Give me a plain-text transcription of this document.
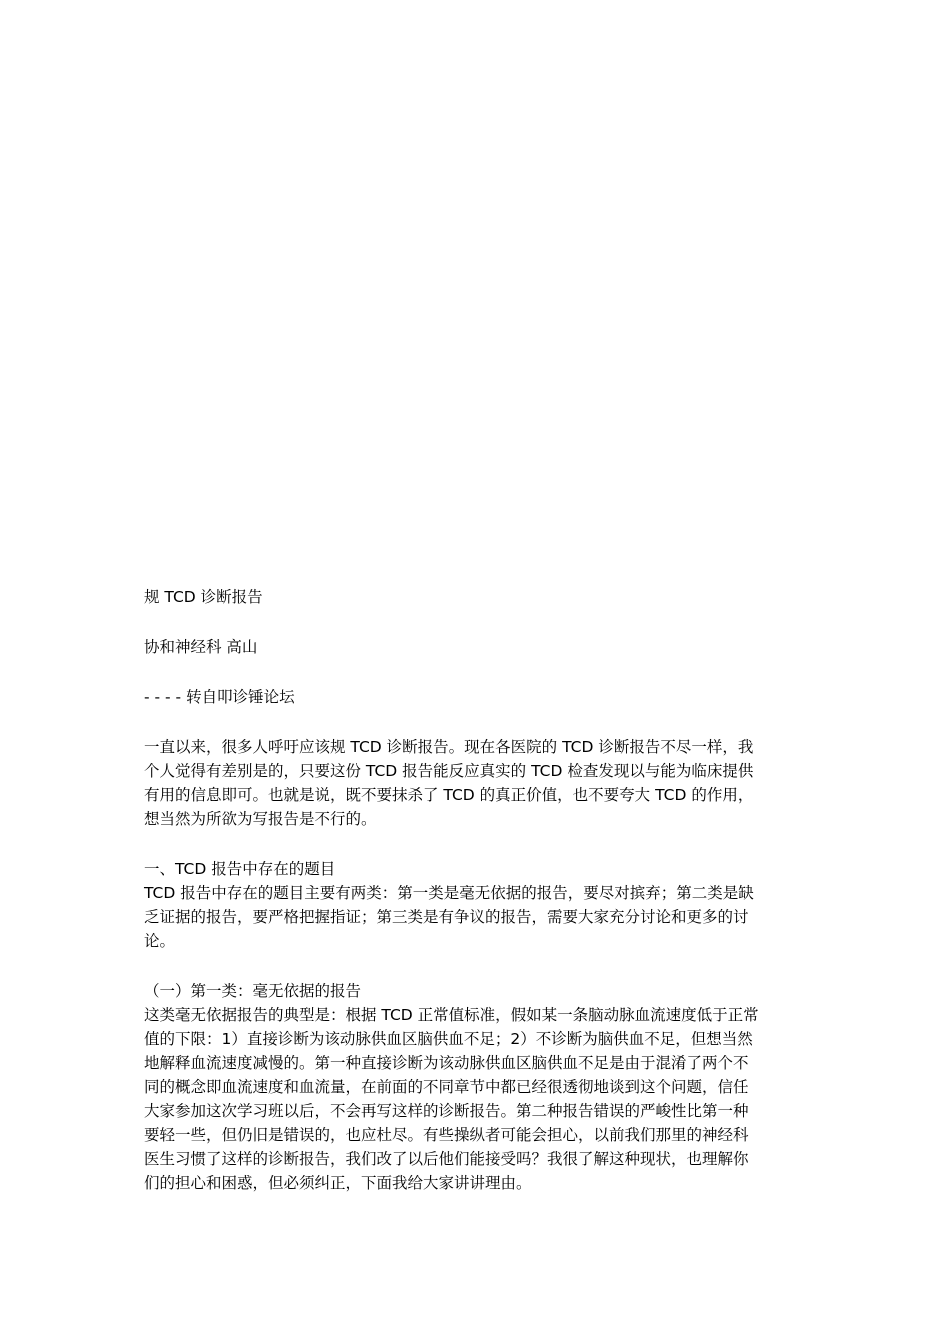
规 TCD 诊断报告
协和神经科 高山
- - - - 转自叩诊锤论坛
一直以来，很多人呼吁应该规 TCD 诊断报告。现在各医院的 TCD 诊断报告不尽一样，我
个人觉得有差别是的，只要这份 TCD 报告能反应真实的 TCD 检查发现以与能为临床提供
有用的信息即可。也就是说，既不要抹杀了 TCD 的真正价值，也不要夸大 TCD 的作用，
想当然为所欲为写报告是不行的。
一、TCD 报告中存在的题目
TCD 报告中存在的题目主要有两类：第一类是毫无依据的报告，要尽对摈弃；第二类是缺
乏证据的报告，要严格把握指证；第三类是有争议的报告，需要大家充分讨论和更多的讨
论。
（一）第一类：毫无依据的报告
这类毫无依据报告的典型是：根据 TCD 正常值标准，假如某一条脑动脉血流速度低于正常
值的下限：1）直接诊断为该动脉供血区脑供血不足；2）不诊断为脑供血不足，但想当然
地解释血流速度减慢的。第一种直接诊断为该动脉供血区脑供血不足是由于混淆了两个不
同的概念即血流速度和血流量，在前面的不同章节中都已经很透彻地谈到这个问题，信任
大家参加这次学习班以后，不会再写这样的诊断报告。第二种报告错误的严峻性比第一种
要轻一些，但仍旧是错误的，也应杜尽。有些操纵者可能会担心，以前我们那里的神经科
医生习惯了这样的诊断报告，我们改了以后他们能接受吗？我很了解这种现状，也理解你
们的担心和困惑，但必须纠正，下面我给大家讲讲理由。
